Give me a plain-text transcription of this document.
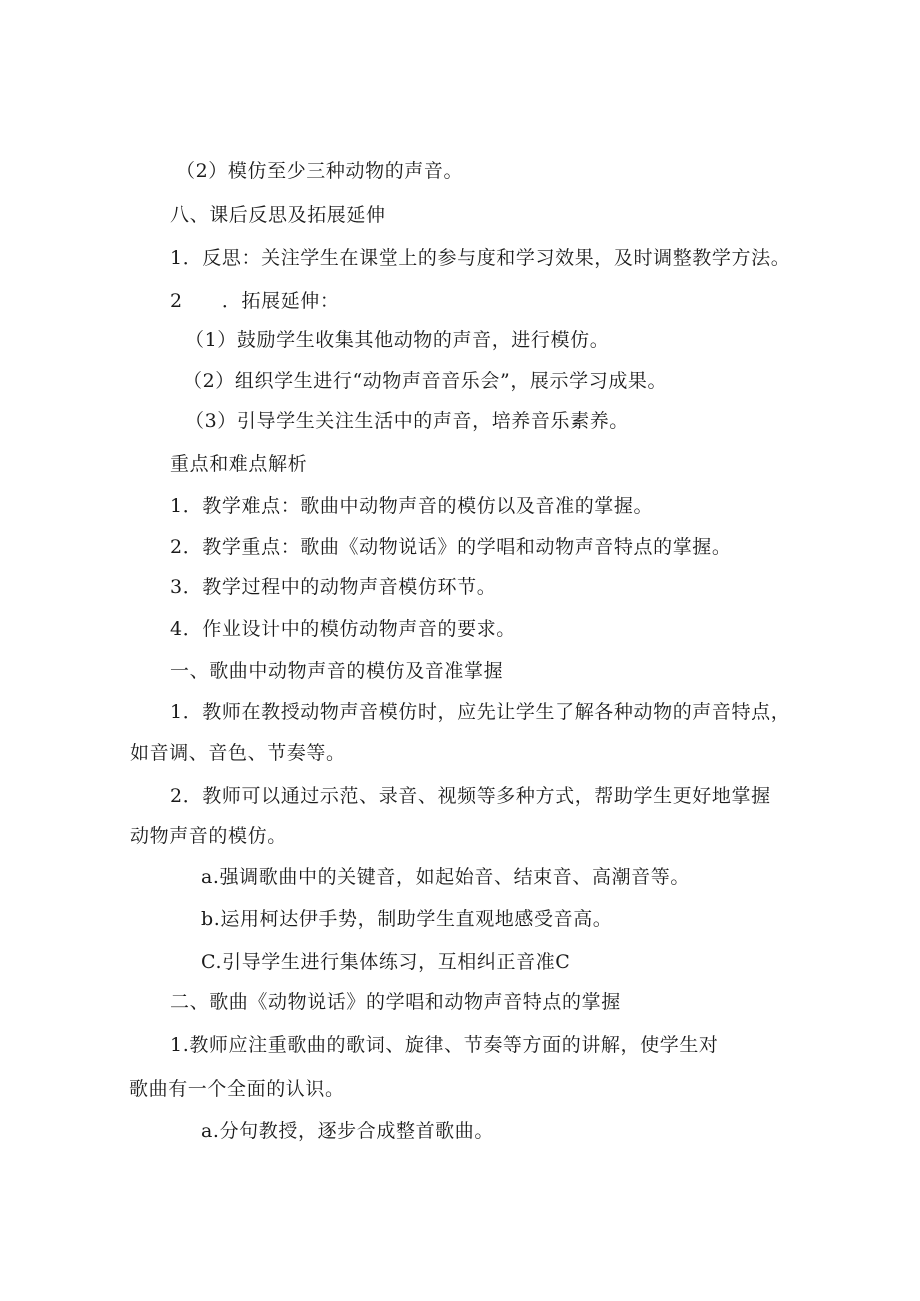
（2）模仿至少三种动物的声音。
八、课后反思及拓展延伸
1．反思：关注学生在课堂上的参与度和学习效果，及时调整教学方法。
2　　．拓展延伸：
（1）鼓励学生收集其他动物的声音，进行模仿。
（2）组织学生进行“动物声音音乐会”，展示学习成果。
（3）引导学生关注生活中的声音，培养音乐素养。
重点和难点解析
1．教学难点：歌曲中动物声音的模仿以及音准的掌握。
2．教学重点：歌曲《动物说话》的学唱和动物声音特点的掌握。
3．教学过程中的动物声音模仿环节。
4．作业设计中的模仿动物声音的要求。
一、歌曲中动物声音的模仿及音准掌握
1．教师在教授动物声音模仿时，应先让学生了解各种动物的声音特点，
如音调、音色、节奏等。
2．教师可以通过示范、录音、视频等多种方式，帮助学生更好地掌握
动物声音的模仿。
a.强调歌曲中的关键音，如起始音、结束音、高潮音等。
b.运用柯达伊手势，制助学生直观地感受音高。
C.引导学生进行集体练习，互相纠正音准C
二、歌曲《动物说话》的学唱和动物声音特点的掌握
1.教师应注重歌曲的歌词、旋律、节奏等方面的讲解，使学生对
歌曲有一个全面的认识。
a.分句教授，逐步合成整首歌曲。
